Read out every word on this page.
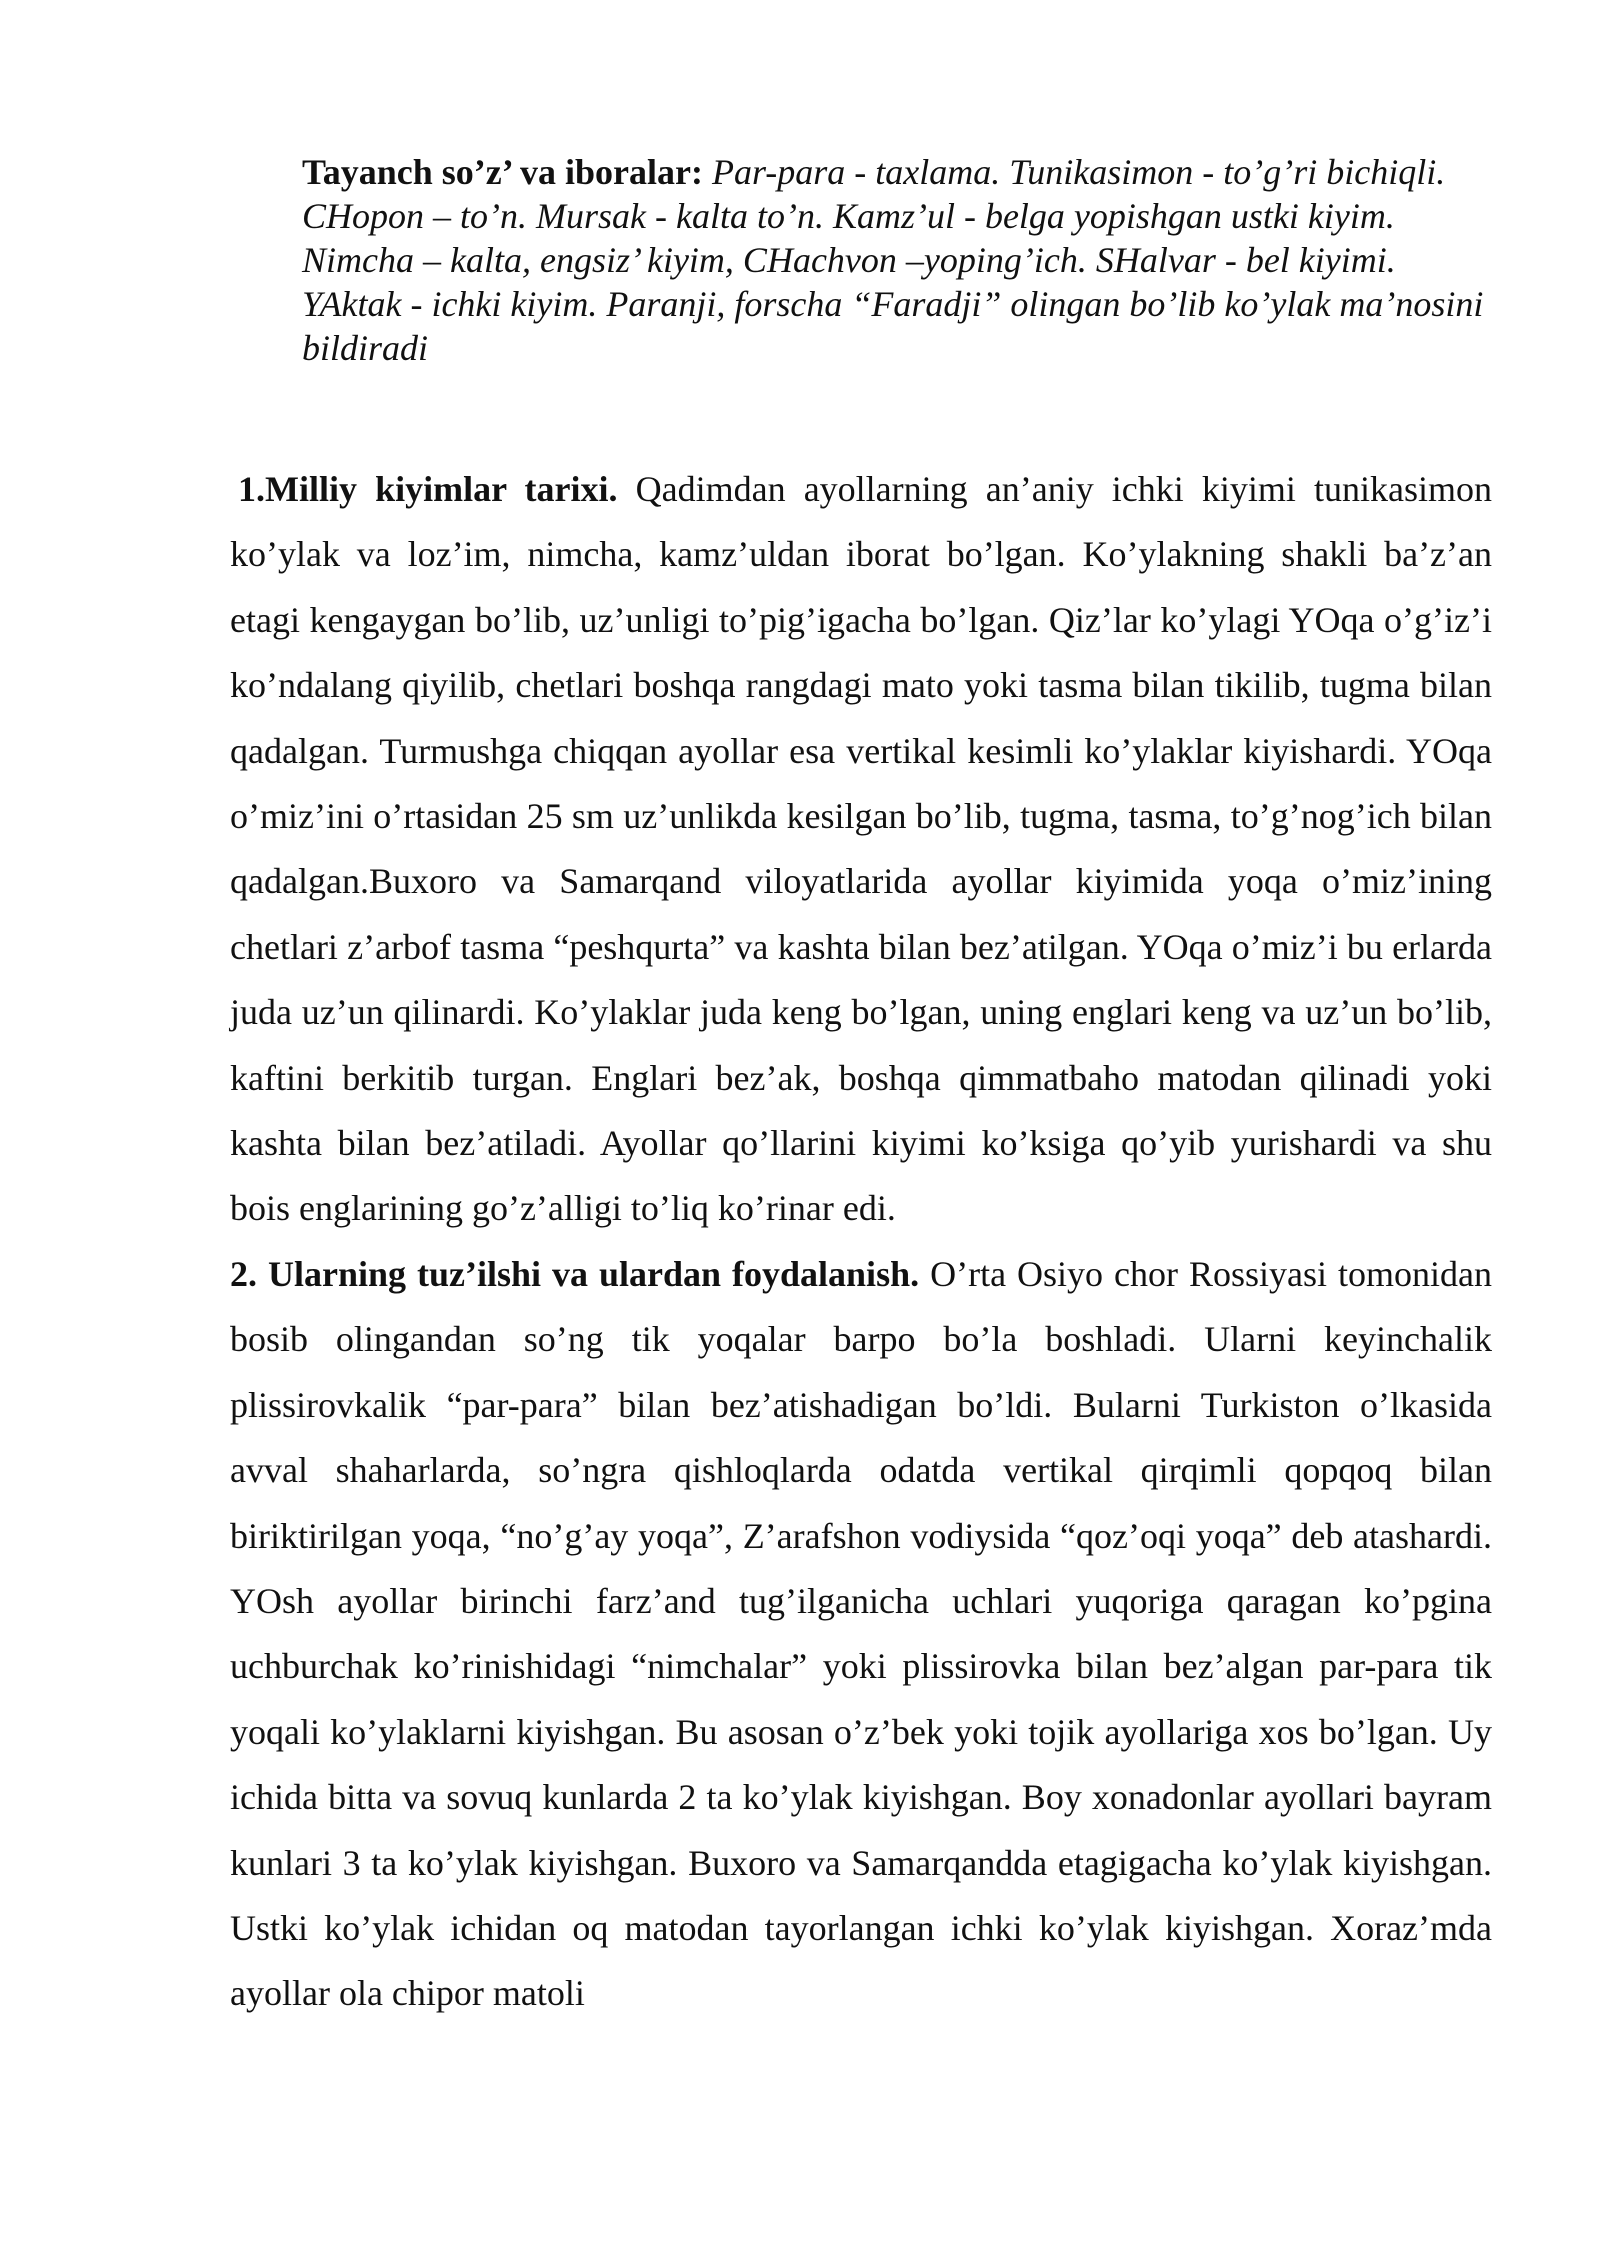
Tayanch so’z’ va iboralar: Par-para - taxlama. Tunikasimon - to’g’ri bichiqli. CHopon – to’n. Mursak - kalta to’n. Kamz’ul - belga yopishgan ustki kiyim. Nimcha – kalta, engsiz’ kiyim, CHachvon –yoping’ich. SHalvar - bel kiyimi. YAktak - ichki kiyim. Paranji, forscha “Faradji” olingan bo’lib ko’ylak ma’nosini bildiradi

1.Milliy kiyimlar tarixi. Qadimdan ayollarning an’aniy ichki kiyimi tunikasimon ko’ylak va loz’im, nimcha, kamz’uldan iborat bo’lgan. Ko’ylakning shakli ba’z’an etagi kengaygan bo’lib, uz’unligi to’pig’igacha bo’lgan. Qiz’lar ko’ylagi YOqa o’g’iz’i ko’ndalang qiyilib, chetlari boshqa rangdagi mato yoki tasma bilan tikilib, tugma bilan qadalgan. Turmushga chiqqan ayollar esa vertikal kesimli ko’ylaklar kiyishardi. YOqa o’miz’ini o’rtasidan 25 sm uz’unlikda kesilgan bo’lib, tugma, tasma, to’g’nog’ich bilan qadalgan.Buxoro va Samarqand viloyatlarida ayollar kiyimida yoqa o’miz’ining chetlari z’arbof tasma “peshqurta” va kashta bilan bez’atilgan. YOqa o’miz’i bu erlarda juda uz’un qilinardi. Ko’ylaklar juda keng bo’lgan, uning englari keng va uz’un bo’lib, kaftini berkitib turgan. Englari bez’ak, boshqa qimmatbaho matodan qilinadi yoki kashta bilan bez’atiladi. Ayollar qo’llarini kiyimi ko’ksiga qo’yib yurishardi va shu bois englarining go’z’alligi to’liq ko’rinar edi.

2. Ularning tuz’ilshi va ulardan foydalanish. O’rta Osiyo chor Rossiyasi tomonidan bosib olingandan so’ng tik yoqalar barpo bo’la boshladi. Ularni keyinchalik plissirovkalik “par-para” bilan bez’atishadigan bo’ldi. Bularni Turkiston o’lkasida avval shaharlarda, so’ngra qishloqlarda odatda vertikal qirqimli qopqoq bilan biriktirilgan yoqa, “no’g’ay yoqa”, Z’arafshon vodiysida “qoz’oqi yoqa” deb atashardi. YOsh ayollar birinchi farz’and tug’ilganicha uchlari yuqoriga qaragan ko’pgina uchburchak ko’rinishidagi “nimchalar” yoki plissirovka bilan bez’algan par-para tik yoqali ko’ylaklarni kiyishgan. Bu asosan o’z’bek yoki tojik ayollariga xos bo’lgan. Uy ichida bitta va sovuq kunlarda 2 ta ko’ylak kiyishgan. Boy xonadonlar ayollari bayram kunlari 3 ta ko’ylak kiyishgan. Buxoro va Samarqandda etagigacha ko’ylak kiyishgan. Ustki ko’ylak ichidan oq matodan tayorlangan ichki ko’ylak kiyishgan. Xoraz’mda ayollar ola chipor matoli
